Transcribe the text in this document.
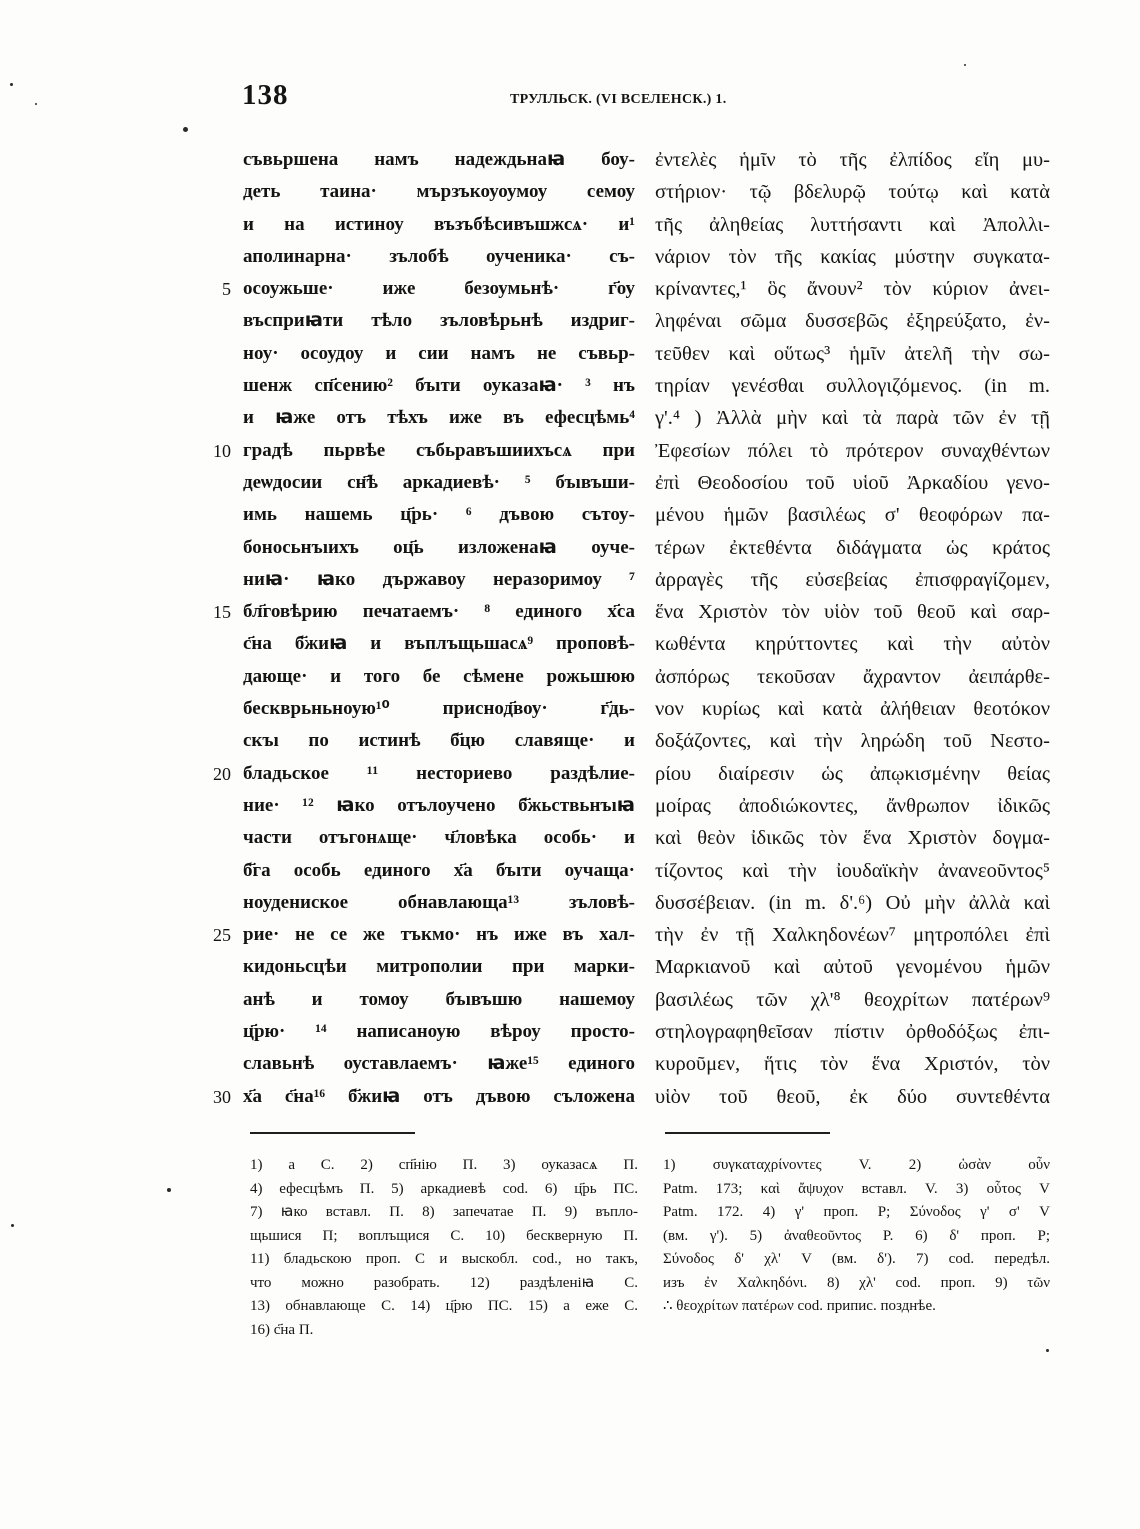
138	ТРУЛЛЬСК. (VI ВСЕЛЕНСК.) 1.
съвьршена намъ надеждьнаꙗ боу-
деть таина· мързъкоуоумоу семоу
и на истиноу възъбѣсивъшжсѧ· и¹
аполинарна· зълобѣ оученика· съ-
осоужьше· иже безоумьнѣ· г҃оу
5
въсприꙗти тѣло зъловѣрьнѣ издриг-
ноу· осоудоу и сии намъ не съвьр-
шенж сп҃сению² бъıти оуказаꙗ· ³ нъ
и ꙗже отъ тѣхъ иже въ ефесцѣмь⁴
градѣ пьрвѣе събьравъшиихъсѧ при
10
деѡдосии сн҃ѣ аркадиевѣ· ⁵ бъıвъши-
имь нашемь ц҃рь· ⁶ дъвою сътоу-
боносьнъıихъ оц҃ь изложенаꙗ оуче-
ниꙗ· ꙗко държавоу неразоримоу ⁷
бл҃говѣрию печатаемъ· ⁸ единого х҃са
15
с҃на б҃жиꙗ и въплъщьшасѧ⁹ проповѣ-
дающе· и того бе сѣмене рожьшюю
бескврьньноую¹⁰ приснод҃воу· г҃дь-
скъı по истинѣ б҃цю славяще· и
бладьское ¹¹ несториево раздѣлие-
20
ние· ¹² ꙗко отълоучено б҃жьствьнъıꙗ
части отъгонѧще· ч҃ловѣка особь· и
б҃га особь единого х҃а бъıти оучаща·
ноудениское обнавлающа¹³ зъловѣ-
рие· не се же тъкмо· нъ иже въ хал-
25
кидоньсцѣи митрополии при марки-
анѣ и томоу бъıвъшю нашемоу
ц҃рю· ¹⁴ написаноую вѣроу просто-
славьнѣ оуставлаемъ· ꙗже¹⁵ единого
х҃а с҃на¹⁶ б҃жиꙗ отъ дъвою съложена
30
ἐντελὲς ἡμῖν τὸ τῆς ἐλπίδος εἴη μυ-
στήριον· τῷ βδελυρῷ τούτῳ καὶ κατὰ
τῆς ἀληθείας λυττήσαντι καὶ Ἀπολλι-
νάριον τὸν τῆς κακίας μύστην συγκατα-
κρίναντες,¹ ὃς ἄνουν² τὸν κύριον ἀνει-
ληφέναι σῶμα δυσσεβῶς ἐξηρεύξατο, ἐν-
τεῦθεν καὶ οὕτως³ ἡμῖν ἀτελῆ τὴν σω-
τηρίαν γενέσθαι συλλογιζόμενος. (in m.
γ'.⁴ ) Ἀλλὰ μὴν καὶ τὰ παρὰ τῶν ἐν τῇ
Ἐφεσίων πόλει τὸ πρότερον συναχθέντων
ἐπὶ Θεοδοσίου τοῦ υἱοῦ Ἀρκαδίου γενο-
μένου ἡμῶν βασιλέως σ' θεοφόρων πα-
τέρων ἐκτεθέντα διδάγματα ὡς κράτος
ἀρραγὲς τῆς εὐσεβείας ἐπισφραγίζομεν,
ἕνα Χριστὸν τὸν υἱὸν τοῦ θεοῦ καὶ σαρ-
κωθέντα κηρύττοντες καὶ τὴν αὐτὸν
ἀσπόρως τεκοῦσαν ἄχραντον ἀειπάρθε-
νον κυρίως καὶ κατὰ ἀλήθειαν θεοτόκον
δοξάζοντες, καὶ τὴν ληρώδη τοῦ Νεστο-
ρίου διαίρεσιν ὡς ἀπῳκισμένην θείας
μοίρας ἀποδιώκοντες, ἄνθρωπον ἰδικῶς
καὶ θεὸν ἰδικῶς τὸν ἕνα Χριστὸν δογμα-
τίζοντος καὶ τὴν ἰουδαϊκὴν ἀνανεοῦντος⁵
δυσσέβειαν. (in m. δ'.⁶) Οὐ μὴν ἀλλὰ καὶ
τὴν ἐν τῇ Χαλκηδονέων⁷ μητροπόλει ἐπὶ
Μαρκιανοῦ καὶ αὐτοῦ γενομένου ἡμῶν
βασιλέως τῶν χλ'⁸ θεοχρίτων πατέρων⁹
στηλογραφηθεῖσαν πίστιν ὀρθοδόξως ἐπι-
κυροῦμεν, ἥτις τὸν ἕνα Χριστόν, τὸν
υἱὸν τοῦ θεοῦ, ἐκ δύο συντεθέντα
1) а С. 2) сп҃нію П. 3) оуказасѧ П.
4) ефесцѣмъ П. 5) аркадиевѣ cod. 6) ц҃рь ПС.
7) ꙗко вставл. П. 8) запечатае П. 9) въпло-
щьшися П; воплъщися С. 10) бескверную П.
11) бладьскою проп. С и выскобл. cod., но такъ,
что можно разобрать. 12) раздѣленіꙗ С.
13) обнавлающе С. 14) ц҃рю ПС. 15) а еже С.
16) с҃на П.
1) συγκαταχρίνοντες V. 2) ὡσὰν οὖν
Patm. 173; καὶ ἄψυχον вставл. V. 3) οὗτος V
Patm. 172. 4) γ' проп. P; Σύνοδος γ' σ' V
(вм. γ'). 5) ἀναθεοῦντος P. 6) δ' проп. P;
Σύνοδος δ' χλ' V (вм. δ'). 7) cod. передѣл.
изъ ἐν Χαλκηδόνι. 8) χλ' cod. проп. 9) τῶν
∴ θεοχρίτων πατέρων cod. припис. позднѣе.
